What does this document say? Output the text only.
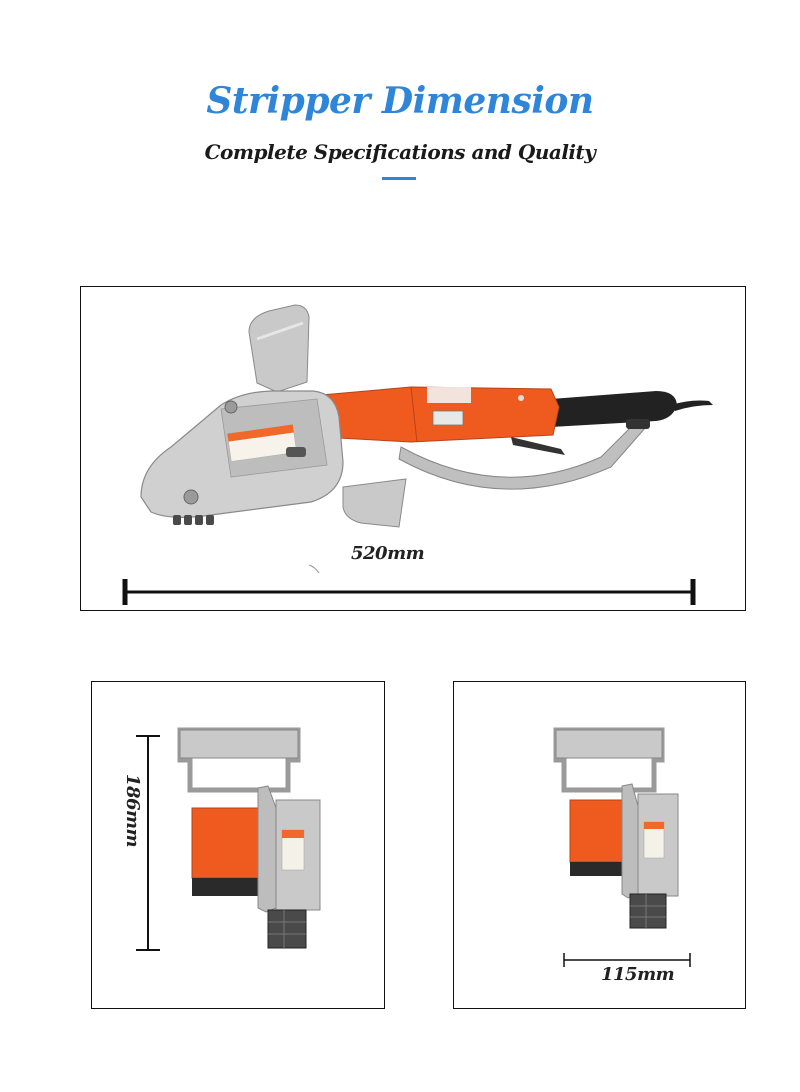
Stripper Dimension
Complete Specifications and Quality
520mm
186mm
115mm
